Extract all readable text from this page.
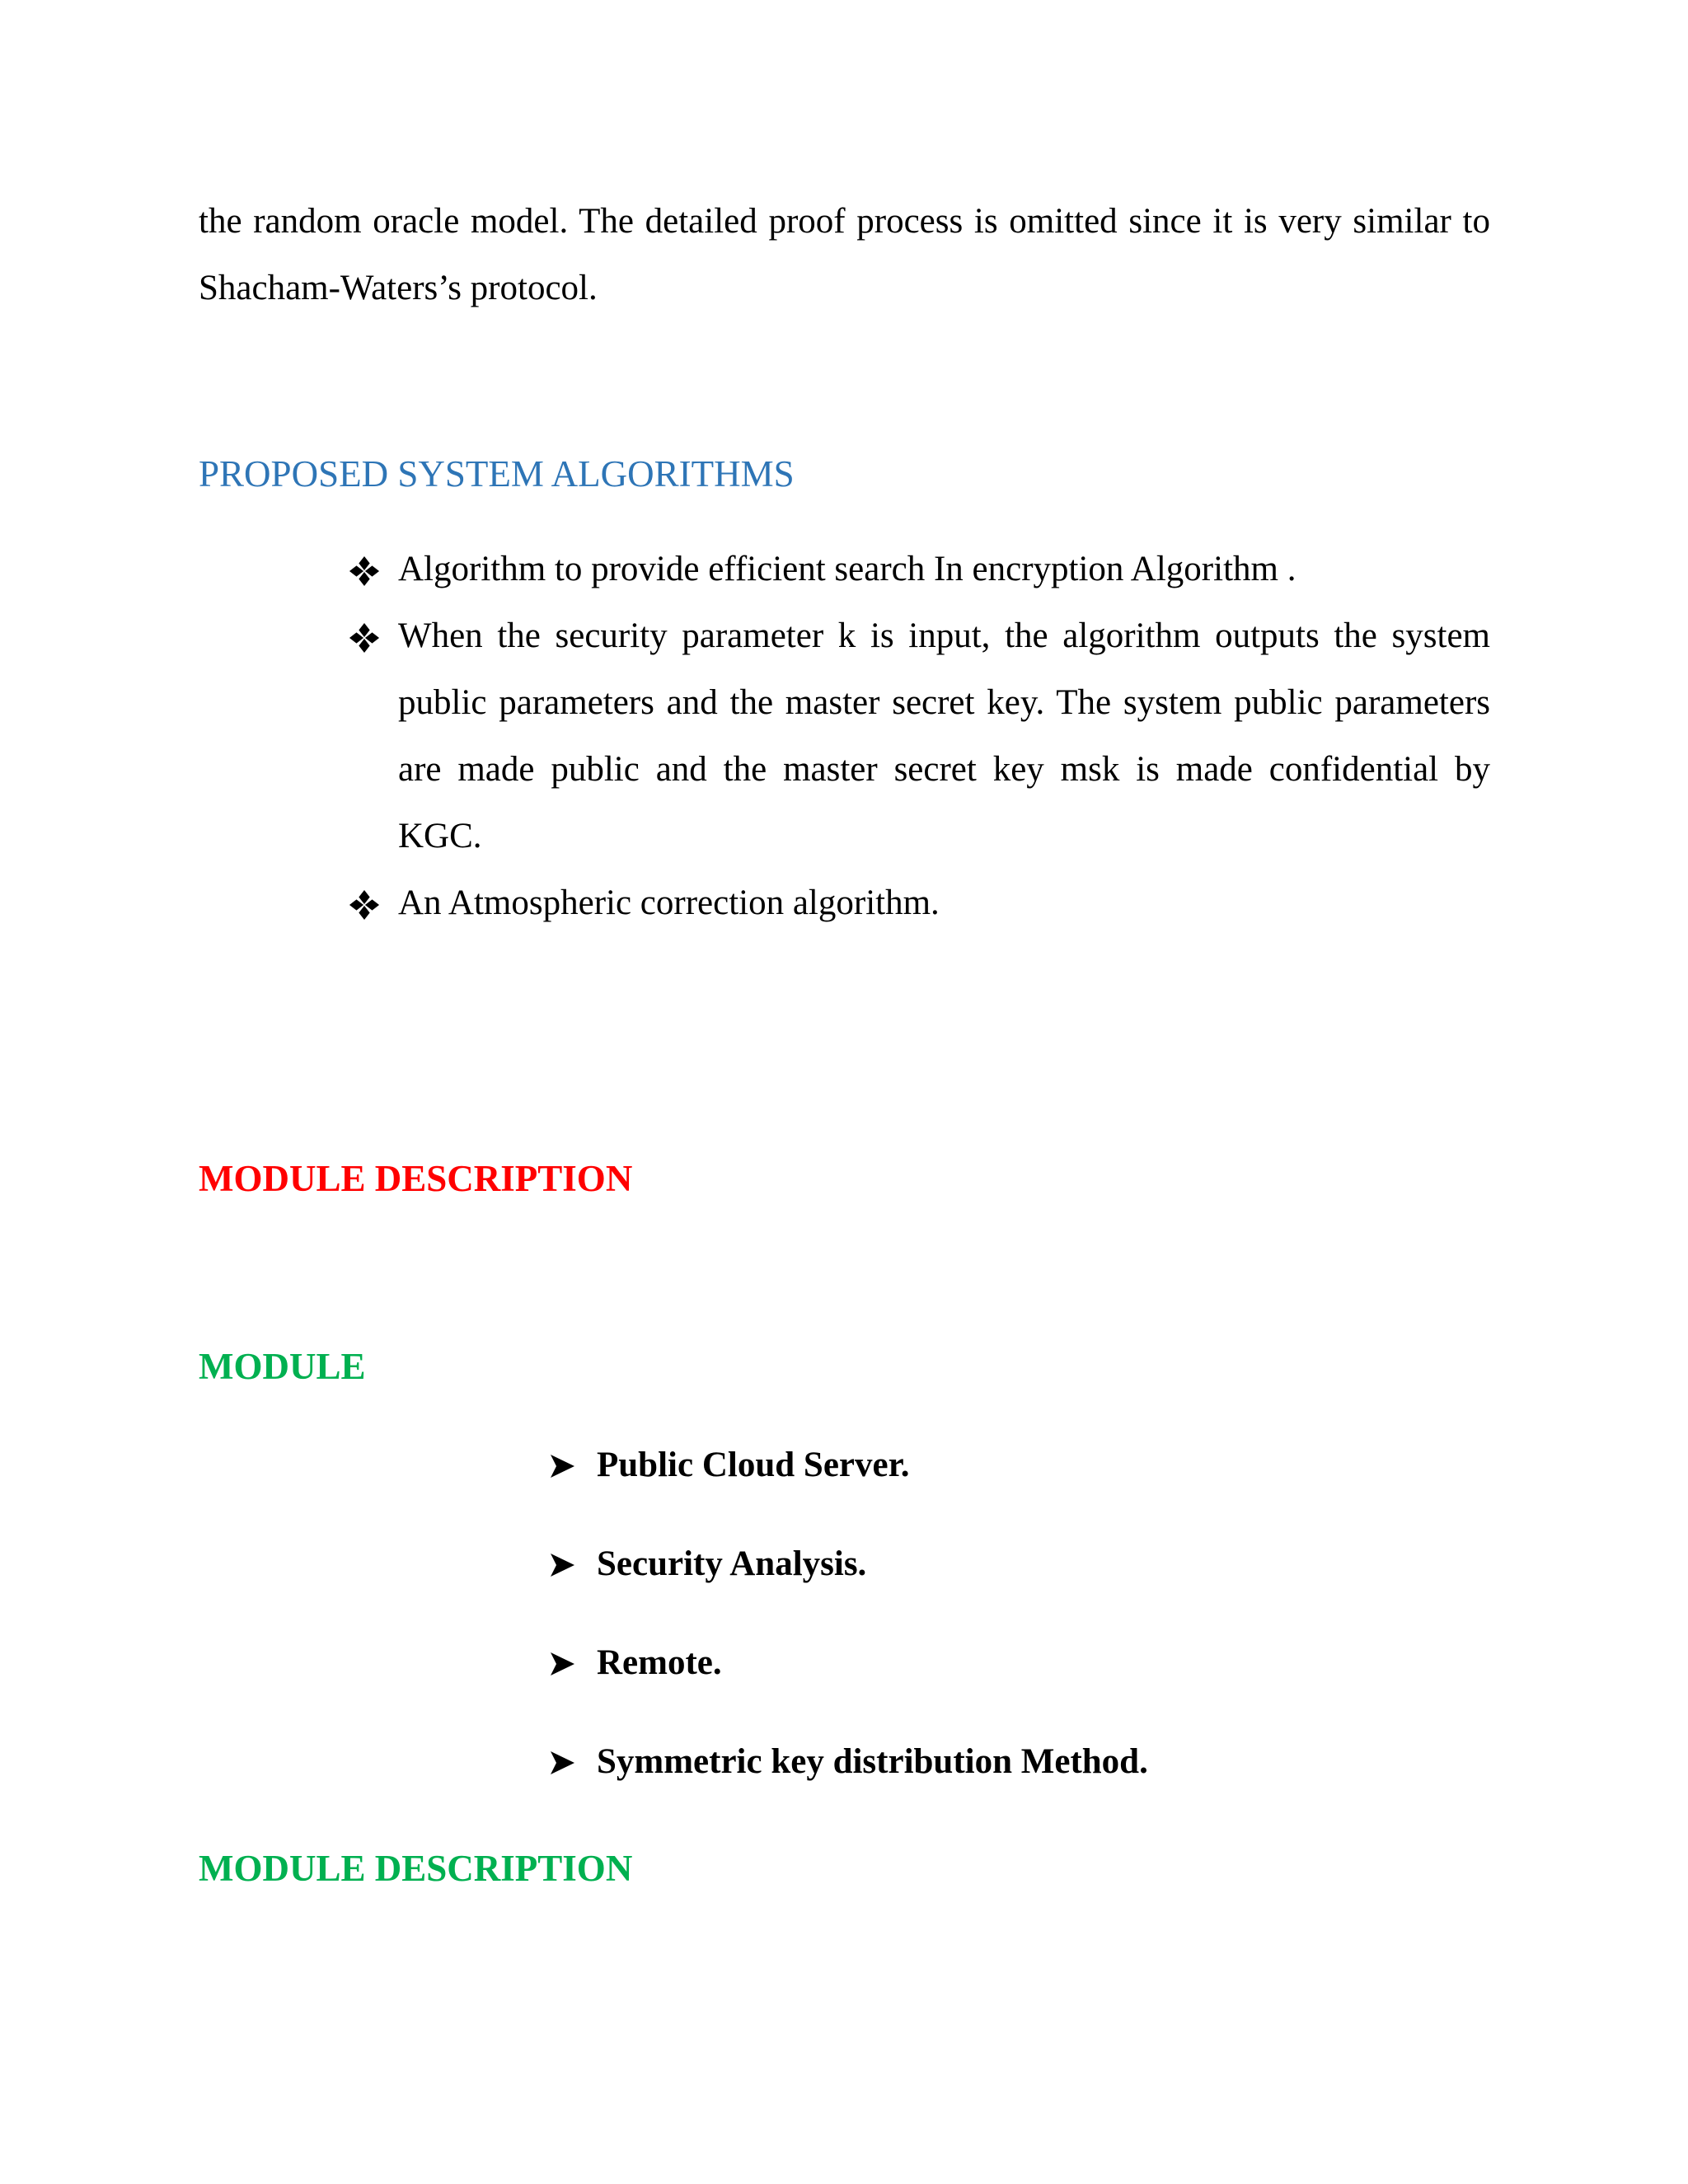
the random oracle model. The detailed proof process is omitted since it is very similar to Shacham-Waters’s protocol.

PROPOSED SYSTEM ALGORITHMS
Algorithm to provide efficient search In encryption Algorithm .
When the security parameter k is input, the algorithm outputs the system public parameters and the master secret key. The system public parameters are made public and the master secret key msk is made confidential by KGC.
An Atmospheric correction algorithm.
MODULE DESCRIPTION
MODULE
Public Cloud Server.
Security Analysis.
Remote.
Symmetric key distribution Method.
MODULE DESCRIPTION
